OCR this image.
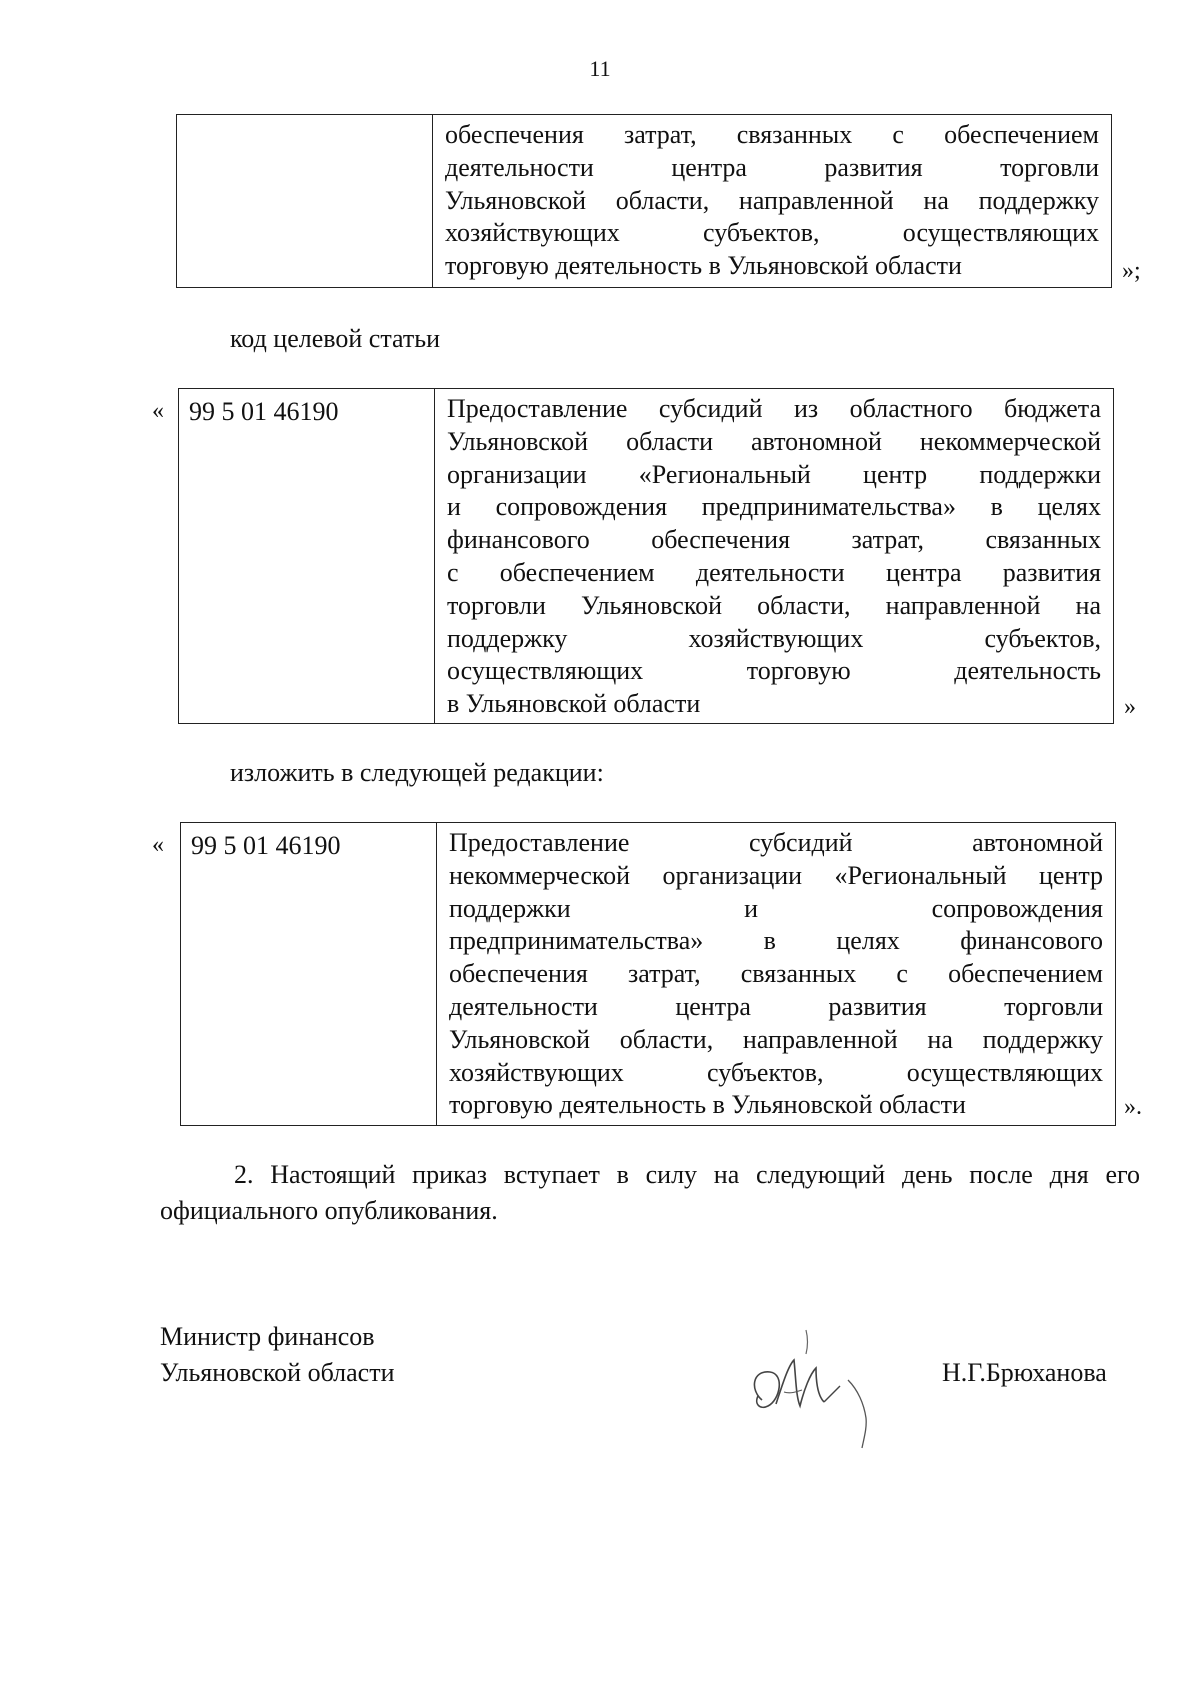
11
обеспечения затрат, связанных с обеспечением
деятельности центра развития торговли
Ульяновской области, направленной на поддержку
хозяйствующих субъектов, осуществляющих
торговую деятельность в Ульяновской области	»;
код целевой статьи
« 99 5 01 46190	Предоставление субсидий из областного бюджета
Ульяновской области автономной некоммерческой
организации «Региональный центр поддержки
и сопровождения предпринимательства» в целях
финансового обеспечения затрат, связанных
с обеспечением деятельности центра развития
торговли Ульяновской области, направленной на
поддержку хозяйствующих субъектов,
осуществляющих торговую деятельность
в Ульяновской области	»
изложить в следующей редакции:
«	99 5 01 46190	Предоставление субсидий автономной
некоммерческой организации «Региональный центр
поддержки и сопровождения
предпринимательства» в целях финансового
обеспечения затрат, связанных с обеспечением
деятельности центра развития торговли
Ульяновской области, направленной на поддержку
хозяйствующих субъектов, осуществляющих
торговую деятельность в Ульяновской области	».
2. Настоящий приказ вступает в силу на следующий день после дня его
официального опубликования.
Министр финансов
Ульяновской области	Н.Г.Брюханова
